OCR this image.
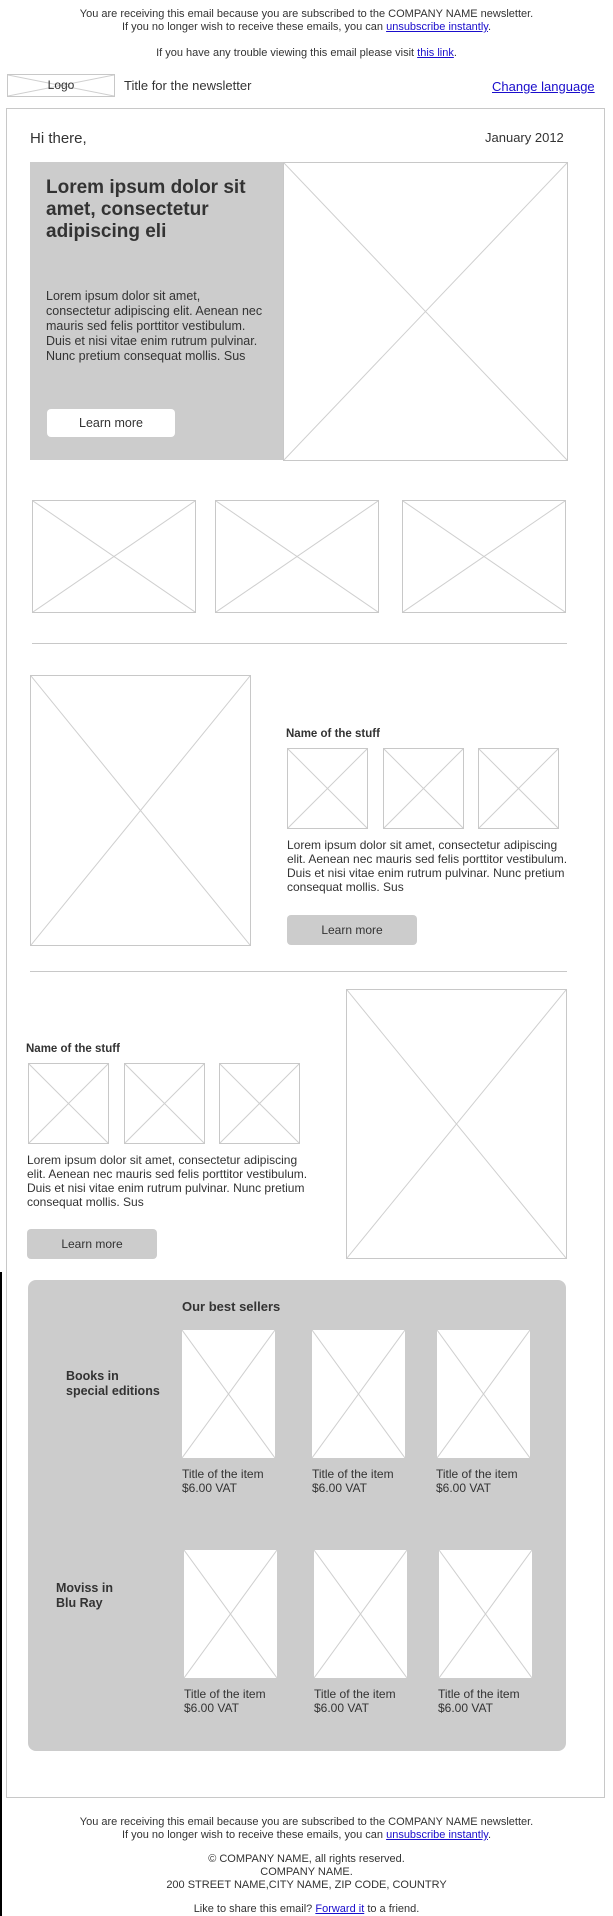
You are receiving this email because you are subscribed to the COMPANY NAME newsletter.
If you no longer wish to receive these emails, you can unsubscribe instantly.
If you have any trouble viewing this email please visit this link.
Logo	Title for the newsletter	Change language
Hi there,	January 2012
Lorem ipsum dolor sit amet, consectetur adipiscing eli
Lorem ipsum dolor sit amet, consectetur adipiscing elit. Aenean nec mauris sed felis porttitor vestibulum. Duis et nisi vitae enim rutrum pulvinar. Nunc pretium consequat mollis. Sus
Learn more
Name of the stuff
Lorem ipsum dolor sit amet, consectetur adipiscing elit. Aenean nec mauris sed felis porttitor vestibulum. Duis et nisi vitae enim rutrum pulvinar. Nunc pretium consequat mollis. Sus
Learn more
Name of the stuff
Lorem ipsum dolor sit amet, consectetur adipiscing elit. Aenean nec mauris sed felis porttitor vestibulum. Duis et nisi vitae enim rutrum pulvinar. Nunc pretium consequat mollis. Sus
Learn more
Our best sellers
Books in
special editions
Title of the item
$6.00 VAT
Title of the item
$6.00 VAT
Title of the item
$6.00 VAT
Moviss in
Blu Ray
Title of the item
$6.00 VAT
Title of the item
$6.00 VAT
Title of the item
$6.00 VAT
You are receiving this email because you are subscribed to the COMPANY NAME newsletter.
If you no longer wish to receive these emails, you can unsubscribe instantly.
© COMPANY NAME, all rights reserved.
COMPANY NAME.
200 STREET NAME,CITY NAME, ZIP CODE, COUNTRY
Like to share this email? Forward it to a friend.
